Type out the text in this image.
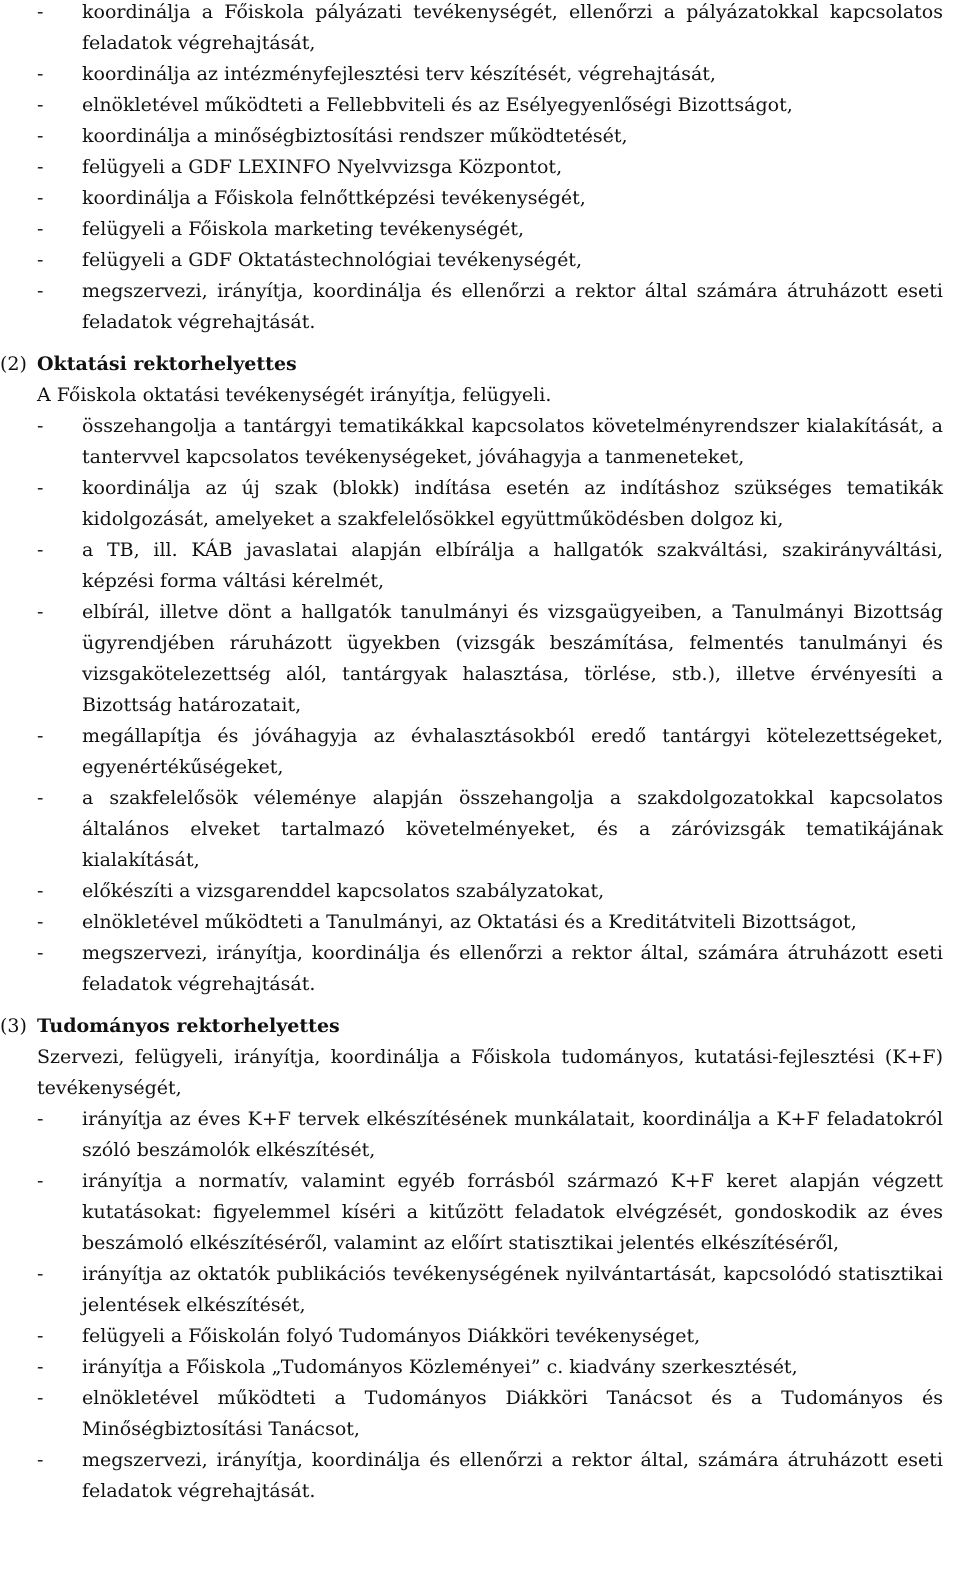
- koordinálja a Főiskola pályázati tevékenységét, ellenőrzi a pályázatokkal kapcsolatos feladatok végrehajtását,
- koordinálja az intézményfejlesztési terv készítését, végrehajtását,
- elnökletével működteti a Fellebbviteli és az Esélyegyenlőségi Bizottságot,
- koordinálja a minőségbiztosítási rendszer működtetését,
- felügyeli a GDF LEXINFO Nyelvvizsga Központot,
- koordinálja a Főiskola felnőttképzési tevékenységét,
- felügyeli a Főiskola marketing tevékenységét,
- felügyeli a GDF Oktatástechnológiai tevékenységét,
- megszervezi, irányítja, koordinálja és ellenőrzi a rektor által számára átruházott eseti feladatok végrehajtását.
(2) Oktatási rektorhelyettes
A Főiskola oktatási tevékenységét irányítja, felügyeli.
- összehangolja a tantárgyi tematikákkal kapcsolatos követelményrendszer kialakítását, a tantervvel kapcsolatos tevékenységeket, jóváhagyja a tanmeneteket,
- koordinálja az új szak (blokk) indítása esetén az indításhoz szükséges tematikák kidolgozását, amelyeket a szakfelelősökkel együttműködésben dolgoz ki,
- a TB, ill. KÁB javaslatai alapján elbírálja a hallgatók szakváltási, szakirányváltási, képzési forma váltási kérelmét,
- elbírál, illetve dönt a hallgatók tanulmányi és vizsgaügyeiben, a Tanulmányi Bizottság ügyrendjében ráruházott ügyekben (vizsgák beszámítása, felmentés tanulmányi és vizsgakötelezettség alól, tantárgyak halasztása, törlése, stb.), illetve érvényesíti a Bizottság határozatait,
- megállapítja és jóváhagyja az évhalasztásokból eredő tantárgyi kötelezettségeket, egyenértékűségeket,
- a szakfelelősök véleménye alapján összehangolja a szakdolgozatokkal kapcsolatos általános elveket tartalmazó követelményeket, és a záróvizsgák tematikájának kialakítását,
- előkészíti a vizsgarenddel kapcsolatos szabályzatokat,
- elnökletével működteti a Tanulmányi, az Oktatási és a Kreditátviteli Bizottságot,
- megszervezi, irányítja, koordinálja és ellenőrzi a rektor által, számára átruházott eseti feladatok végrehajtását.
(3) Tudományos rektorhelyettes
Szervezi, felügyeli, irányítja, koordinálja a Főiskola tudományos, kutatási-fejlesztési (K+F) tevékenységét,
- irányítja az éves K+F tervek elkészítésének munkálatait, koordinálja a K+F feladatokról szóló beszámolók elkészítését,
- irányítja a normatív, valamint egyéb forrásból származó K+F keret alapján végzett kutatásokat: figyelemmel kíséri a kitűzött feladatok elvégzését, gondoskodik az éves beszámoló elkészítéséről, valamint az előírt statisztikai jelentés elkészítéséről,
- irányítja az oktatók publikációs tevékenységének nyilvántartását, kapcsolódó statisztikai jelentések elkészítését,
- felügyeli a Főiskolán folyó Tudományos Diákköri tevékenységet,
- irányítja a Főiskola „Tudományos Közleményei” c. kiadvány szerkesztését,
- elnökletével működteti a Tudományos Diákköri Tanácsot és a Tudományos és Minőségbiztosítási Tanácsot,
- megszervezi, irányítja, koordinálja és ellenőrzi a rektor által, számára átruházott eseti feladatok végrehajtását.
